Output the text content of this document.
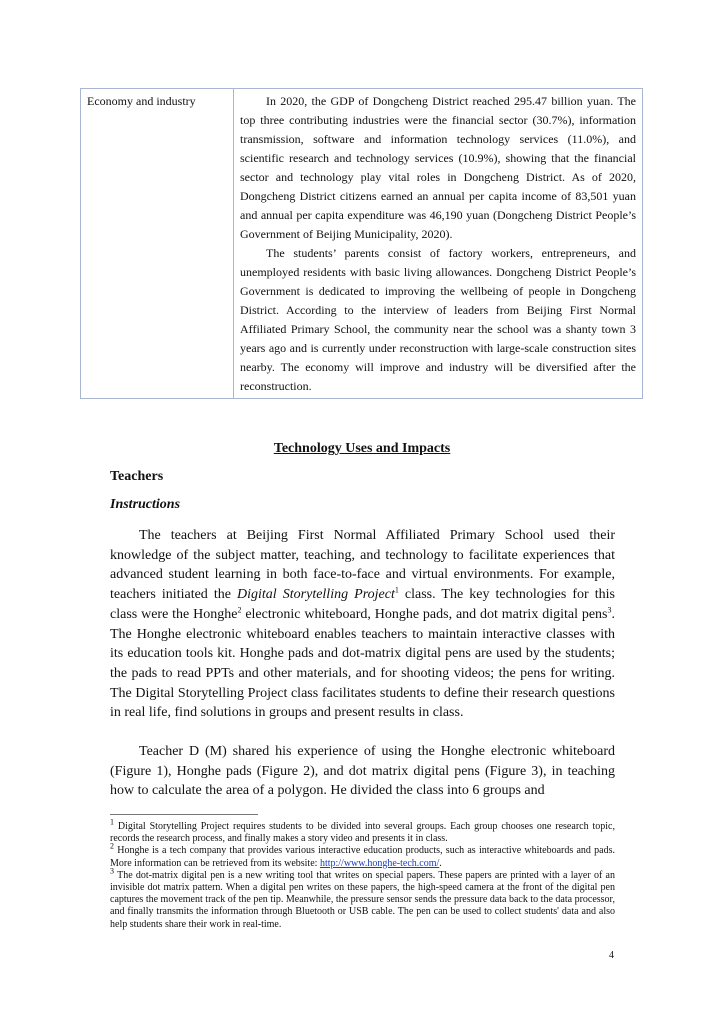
Economy and industry	In 2020, the GDP of Dongcheng District reached 295.47 billion yuan. The top three contributing industries were the financial sector (30.7%), information transmission, software and information technology services (11.0%), and scientific research and technology services (10.9%), showing that the financial sector and technology play vital roles in Dongcheng District. As of 2020, Dongcheng District citizens earned an annual per capita income of 83,501 yuan and annual per capita expenditure was 46,190 yuan (Dongcheng District People’s Government of Beijing Municipality, 2020).

The students’ parents consist of factory workers, entrepreneurs, and unemployed residents with basic living allowances. Dongcheng District People’s Government is dedicated to improving the wellbeing of people in Dongcheng District. According to the interview of leaders from Beijing First Normal Affiliated Primary School, the community near the school was a shanty town 3 years ago and is currently under reconstruction with large-scale construction sites nearby. The economy will improve and industry will be diversified after the reconstruction.

Technology Uses and Impacts
Teachers
Instructions

The teachers at Beijing First Normal Affiliated Primary School used their knowledge of the subject matter, teaching, and technology to facilitate experiences that advanced student learning in both face-to-face and virtual environments. For example, teachers initiated the Digital Storytelling Project$^1$ class. The key technologies for this class were the Honghe$^2$ electronic whiteboard, Honghe pads, and dot matrix digital pens$^3$. The Honghe electronic whiteboard enables teachers to maintain interactive classes with its education tools kit. Honghe pads and dot-matrix digital pens are used by the students; the pads to read PPTs and other materials, and for shooting videos; the pens for writing. The Digital Storytelling Project class facilitates students to define their research questions in real life, find solutions in groups and present results in class.

Teacher D (M) shared his experience of using the Honghe electronic whiteboard (Figure 1), Honghe pads (Figure 2), and dot matrix digital pens (Figure 3), in teaching how to calculate the area of a polygon. He divided the class into 6 groups and

$^1$ Digital Storytelling Project requires students to be divided into several groups. Each group chooses one research topic, records the research process, and finally makes a story video and presents it in class.

$^2$ Honghe is a tech company that provides various interactive education products, such as interactive whiteboards and pads. More information can be retrieved from its website: http://www.honghe-tech.com/.

$^3$ The dot-matrix digital pen is a new writing tool that writes on special papers. These papers are printed with a layer of an invisible dot matrix pattern. When a digital pen writes on these papers, the high-speed camera at the front of the digital pen captures the movement track of the pen tip. Meanwhile, the pressure sensor sends the pressure data back to the data processor, and finally transmits the information through Bluetooth or USB cable. The pen can be used to collect students' data and also help students share their work in real-time.

4
